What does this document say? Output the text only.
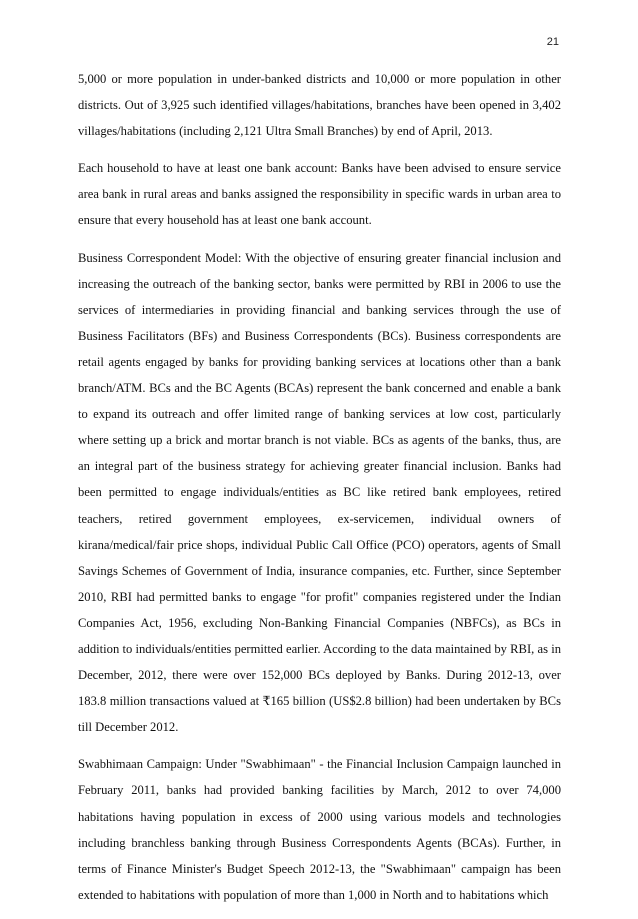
21

5,000 or more population in under-banked districts and 10,000 or more population in other districts. Out of 3,925 such identified villages/habitations, branches have been opened in 3,402 villages/habitations (including 2,121 Ultra Small Branches) by end of April, 2013.

Each household to have at least one bank account: Banks have been advised to ensure service area bank in rural areas and banks assigned the responsibility in specific wards in urban area to ensure that every household has at least one bank account.

Business Correspondent Model: With the objective of ensuring greater financial inclusion and increasing the outreach of the banking sector, banks were permitted by RBI in 2006 to use the services of intermediaries in providing financial and banking services through the use of Business Facilitators (BFs) and Business Correspondents (BCs). Business correspondents are retail agents engaged by banks for providing banking services at locations other than a bank branch/ATM. BCs and the BC Agents (BCAs) represent the bank concerned and enable a bank to expand its outreach and offer limited range of banking services at low cost, particularly where setting up a brick and mortar branch is not viable. BCs as agents of the banks, thus, are an integral part of the business strategy for achieving greater financial inclusion. Banks had been permitted to engage individuals/entities as BC like retired bank employees, retired teachers, retired government employees, ex-servicemen, individual owners of kirana/medical/fair price shops, individual Public Call Office (PCO) operators, agents of Small Savings Schemes of Government of India, insurance companies, etc. Further, since September 2010, RBI had permitted banks to engage "for profit" companies registered under the Indian Companies Act, 1956, excluding Non-Banking Financial Companies (NBFCs), as BCs in addition to individuals/entities permitted earlier. According to the data maintained by RBI, as in December, 2012, there were over 152,000 BCs deployed by Banks. During 2012-13, over 183.8 million transactions valued at ₹165 billion (US$2.8 billion) had been undertaken by BCs till December 2012.

Swabhimaan Campaign: Under "Swabhimaan" - the Financial Inclusion Campaign launched in February 2011, banks had provided banking facilities by March, 2012 to over 74,000 habitations having population in excess of 2000 using various models and technologies including branchless banking through Business Correspondents Agents (BCAs). Further, in terms of Finance Minister's Budget Speech 2012-13, the "Swabhimaan" campaign has been extended to habitations with population of more than 1,000 in North and to habitations which
